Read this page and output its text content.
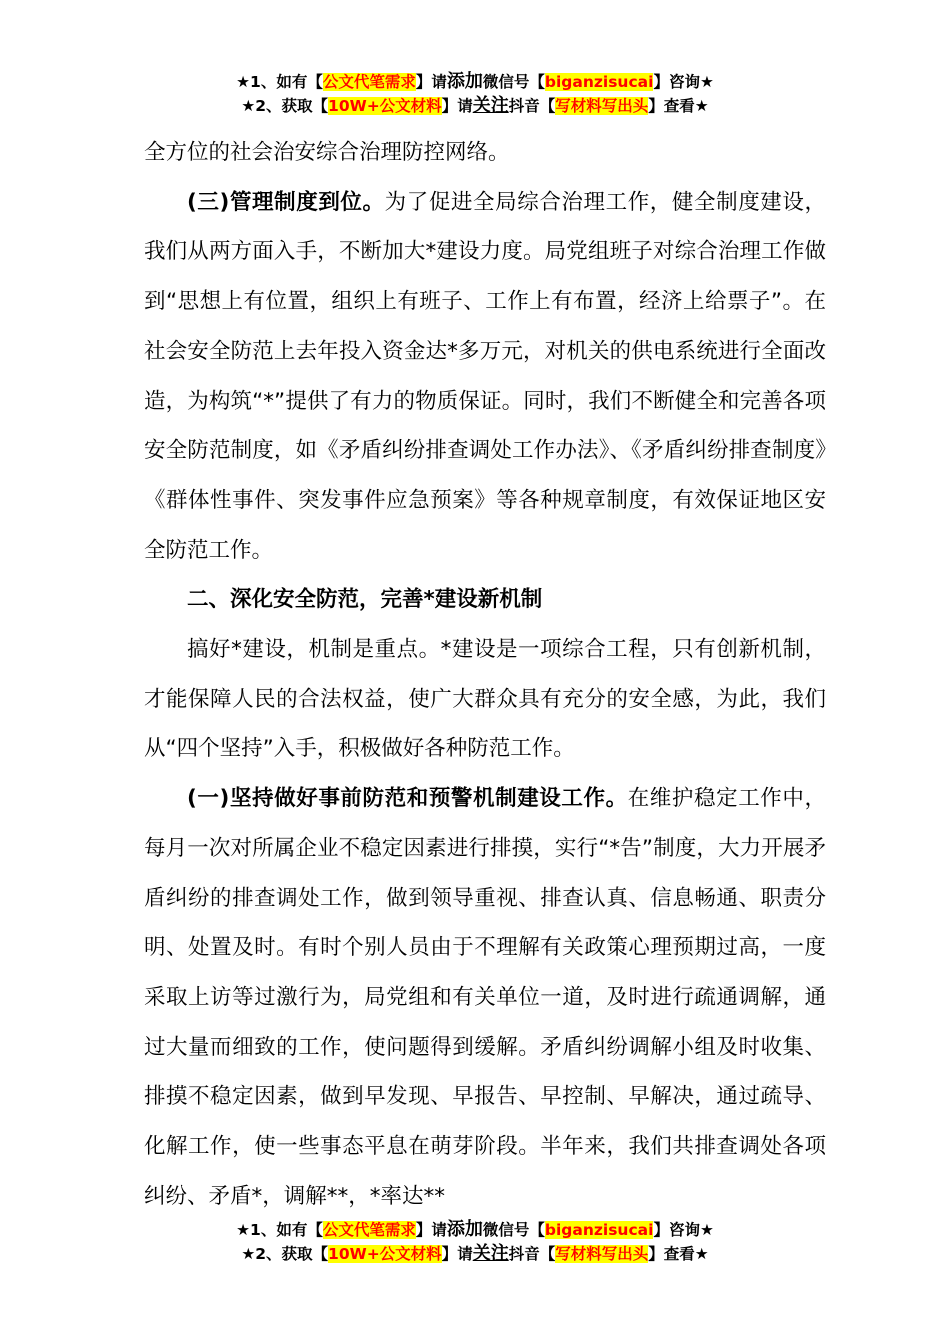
★1、如有【公文代笔需求】请添加微信号【biganzisucai】咨询★
★2、获取【10W+公文材料】请关注抖音【写材料写出头】查看★

全方位的社会治安综合治理防控网络。

(三)管理制度到位。为了促进全局综合治理工作，健全制度建设，我们从两方面入手，不断加大*建设力度。局党组班子对综合治理工作做到“思想上有位置，组织上有班子、工作上有布置，经济上给票子”。在社会安全防范上去年投入资金达*多万元，对机关的供电系统进行全面改造，为构筑“*”提供了有力的物质保证。同时，我们不断健全和完善各项安全防范制度，如《矛盾纠纷排查调处工作办法》、《矛盾纠纷排查制度》《群体性事件、突发事件应急预案》等各种规章制度，有效保证地区安全防范工作。

二、深化安全防范，完善*建设新机制

搞好*建设，机制是重点。*建设是一项综合工程，只有创新机制，才能保障人民的合法权益，使广大群众具有充分的安全感，为此，我们从“四个坚持”入手，积极做好各种防范工作。

(一)坚持做好事前防范和预警机制建设工作。在维护稳定工作中，每月一次对所属企业不稳定因素进行排摸，实行“*告”制度，大力开展矛盾纠纷的排查调处工作，做到领导重视、排查认真、信息畅通、职责分明、处置及时。有时个别人员由于不理解有关政策心理预期过高，一度采取上访等过激行为，局党组和有关单位一道，及时进行疏通调解，通过大量而细致的工作，使问题得到缓解。矛盾纠纷调解小组及时收集、排摸不稳定因素，做到早发现、早报告、早控制、早解决，通过疏导、化解工作，使一些事态平息在萌芽阶段。半年来，我们共排查调处各项纠纷、矛盾*，调解**，*率达**

★1、如有【公文代笔需求】请添加微信号【biganzisucai】咨询★
★2、获取【10W+公文材料】请关注抖音【写材料写出头】查看★
